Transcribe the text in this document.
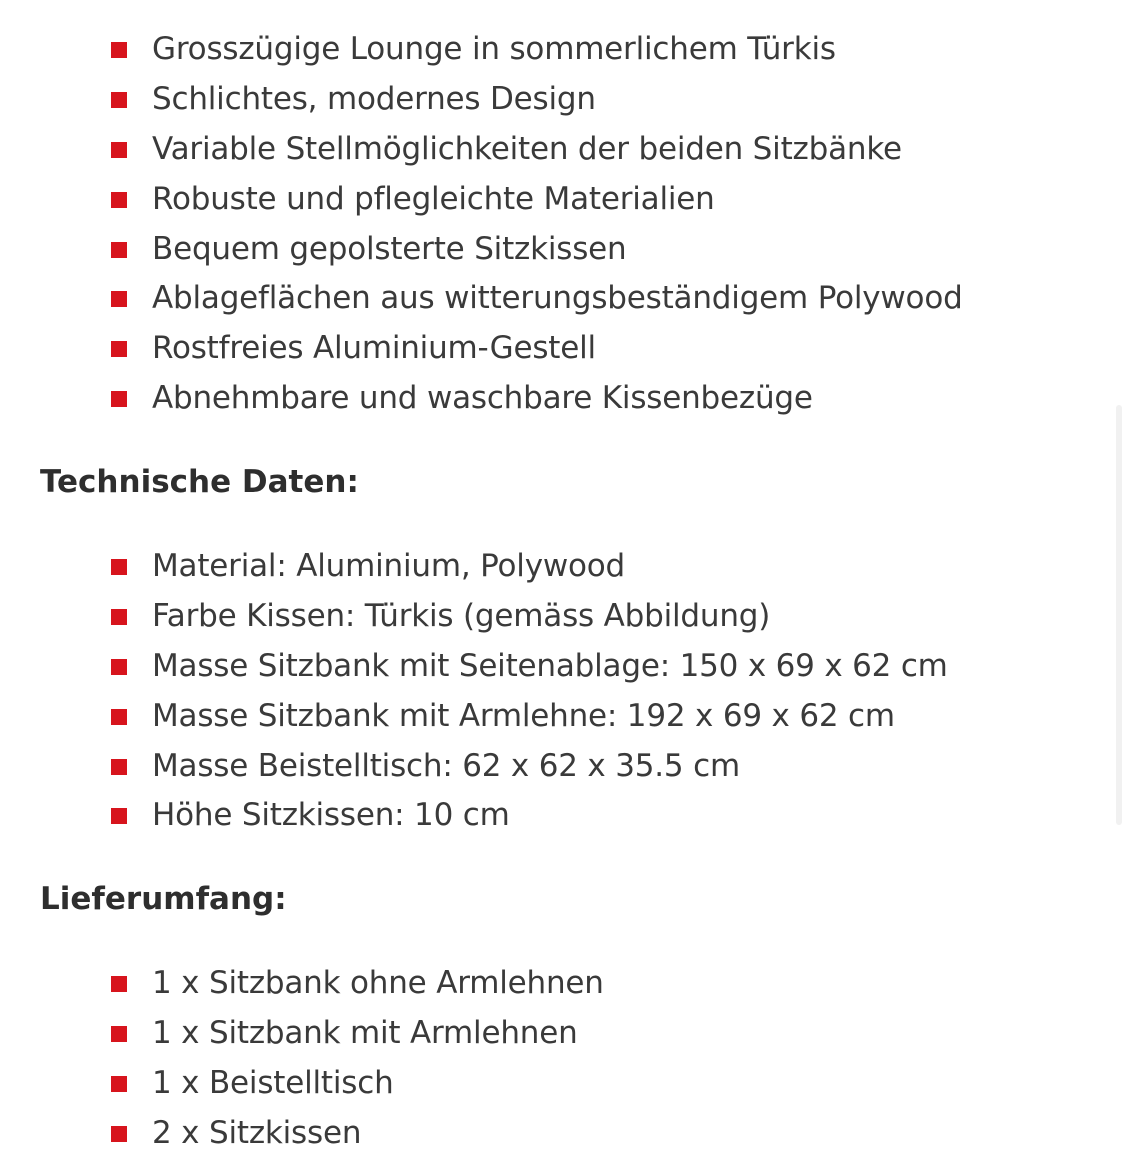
Grosszügige Lounge in sommerlichem Türkis
Schlichtes, modernes Design
Variable Stellmöglichkeiten der beiden Sitzbänke
Robuste und pflegleichte Materialien
Bequem gepolsterte Sitzkissen
Ablageflächen aus witterungsbeständigem Polywood
Rostfreies Aluminium-Gestell
Abnehmbare und waschbare Kissenbezüge
Technische Daten:
Material: Aluminium, Polywood
Farbe Kissen: Türkis (gemäss Abbildung)
Masse Sitzbank mit Seitenablage: 150 x 69 x 62 cm
Masse Sitzbank mit Armlehne: 192 x 69 x 62 cm
Masse Beistelltisch: 62 x 62 x 35.5 cm
Höhe Sitzkissen: 10 cm
Lieferumfang:
1 x Sitzbank ohne Armlehnen
1 x Sitzbank mit Armlehnen
1 x Beistelltisch
2 x Sitzkissen
